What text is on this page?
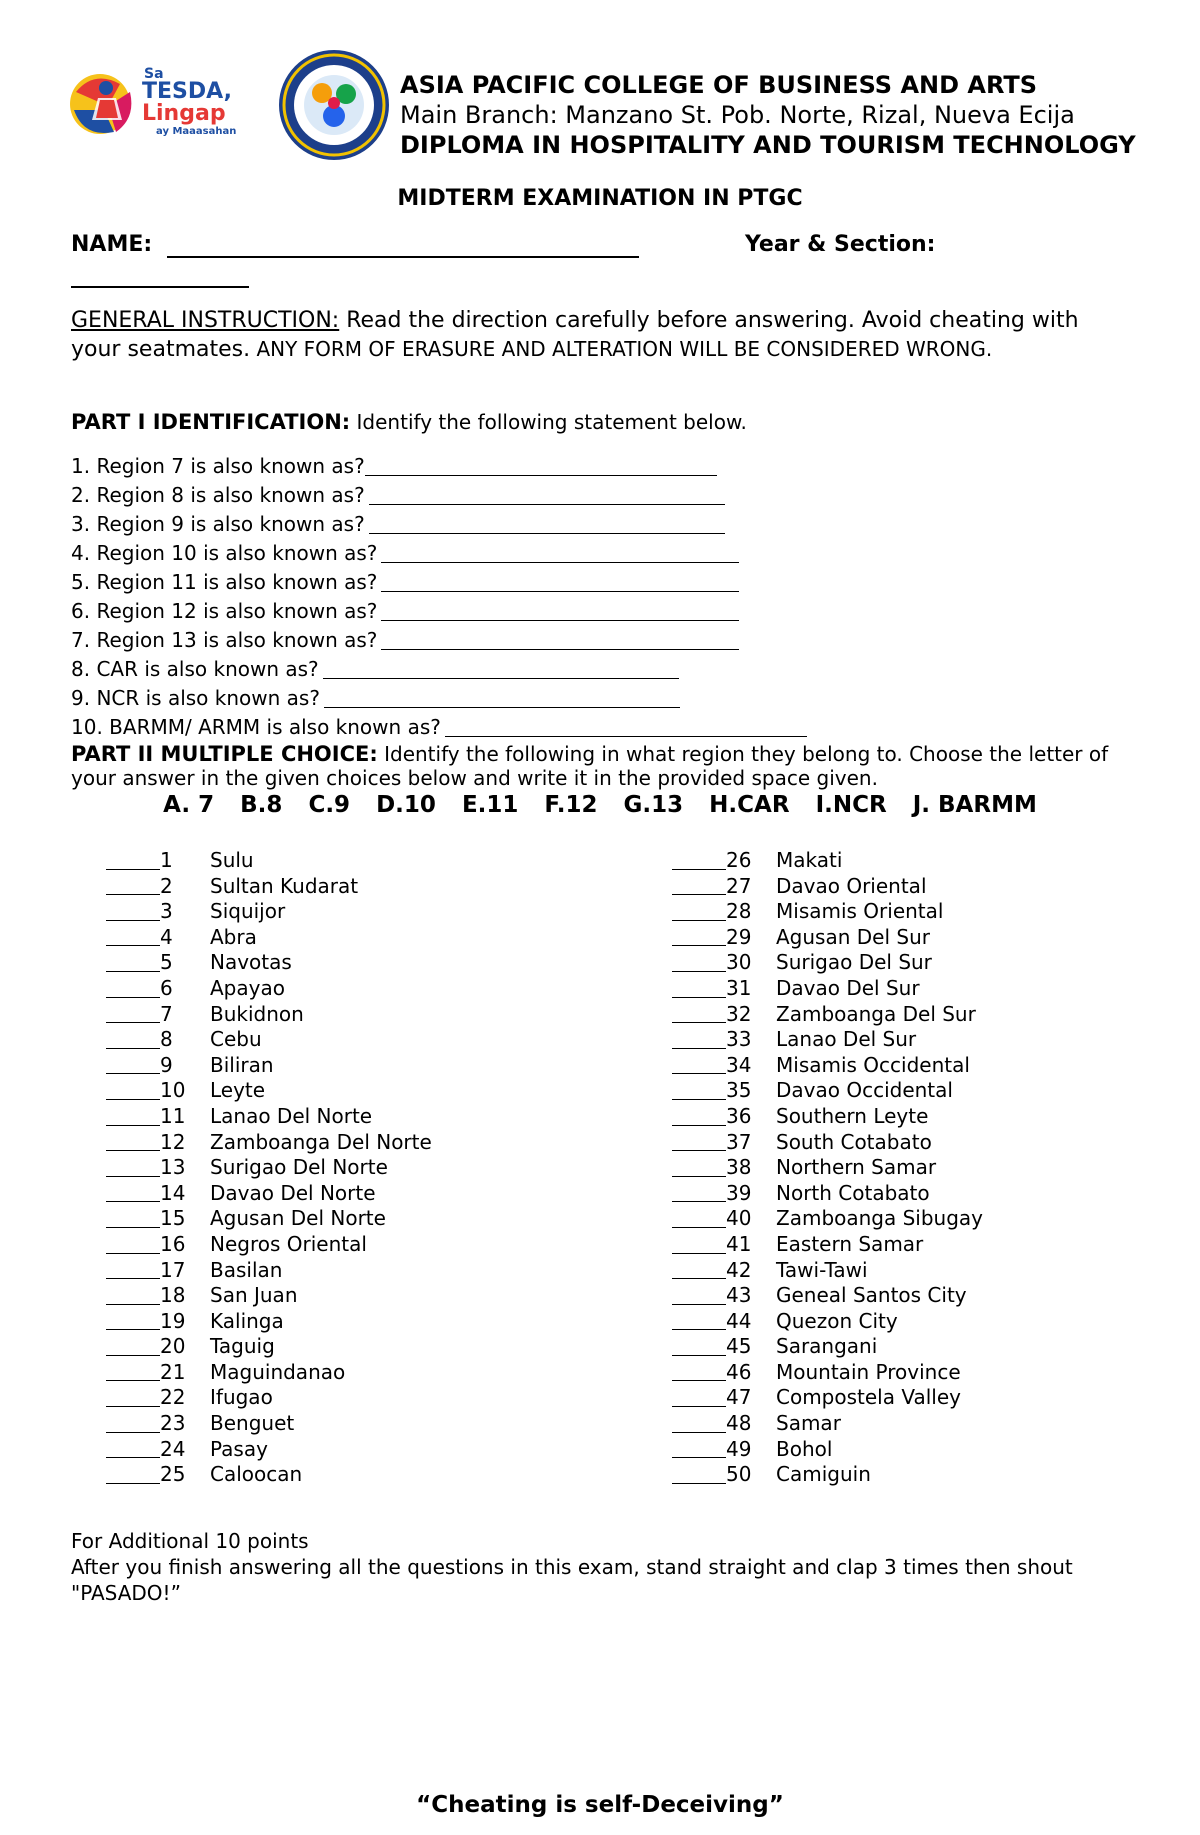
Sa
TESDA,
Lingap
ay Maaasahan
ASIA PACIFIC COLLEGE OF BUSINESS AND ARTS
Main Branch: Manzano St. Pob. Norte, Rizal, Nueva Ecija
DIPLOMA IN HOSPITALITY AND TOURISM TECHNOLOGY
MIDTERM EXAMINATION IN PTGC
NAME:	Year & Section:
GENERAL INSTRUCTION: Read the direction carefully before answering. Avoid cheating with your seatmates. ANY FORM OF ERASURE AND ALTERATION WILL BE CONSIDERED WRONG.
PART I IDENTIFICATION: Identify the following statement below.
1. Region 7 is also known as?
2. Region 8 is also known as?
3. Region 9 is also known as?
4. Region 10 is also known as?
5. Region 11 is also known as?
6. Region 12 is also known as?
7. Region 13 is also known as?
8. CAR is also known as?
9. NCR is also known as?
10. BARMM/ ARMM is also known as?
PART II MULTIPLE CHOICE: Identify the following in what region they belong to. Choose the letter of your answer in the given choices below and write it in the provided space given.
A. 7 B.8 C.9 D.10 E.11 F.12 G.13 H.CAR I.NCR J. BARMM
1	Sulu
2	Sultan Kudarat
3	Siquijor
4	Abra
5	Navotas
6	Apayao
7	Bukidnon
8	Cebu
9	Biliran
10	Leyte
11	Lanao Del Norte
12	Zamboanga Del Norte
13	Surigao Del Norte
14	Davao Del Norte
15	Agusan Del Norte
16	Negros Oriental
17	Basilan
18	San Juan
19	Kalinga
20	Taguig
21	Maguindanao
22	Ifugao
23	Benguet
24	Pasay
25	Caloocan
26	Makati
27	Davao Oriental
28	Misamis Oriental
29	Agusan Del Sur
30	Surigao Del Sur
31	Davao Del Sur
32	Zamboanga Del Sur
33	Lanao Del Sur
34	Misamis Occidental
35	Davao Occidental
36	Southern Leyte
37	South Cotabato
38	Northern Samar
39	North Cotabato
40	Zamboanga Sibugay
41	Eastern Samar
42	Tawi-Tawi
43	Geneal Santos City
44	Quezon City
45	Sarangani
46	Mountain Province
47	Compostela Valley
48	Samar
49	Bohol
50	Camiguin
For Additional 10 points
After you finish answering all the questions in this exam, stand straight and clap 3 times then shout "PASADO!”
“Cheating is self-Deceiving”
